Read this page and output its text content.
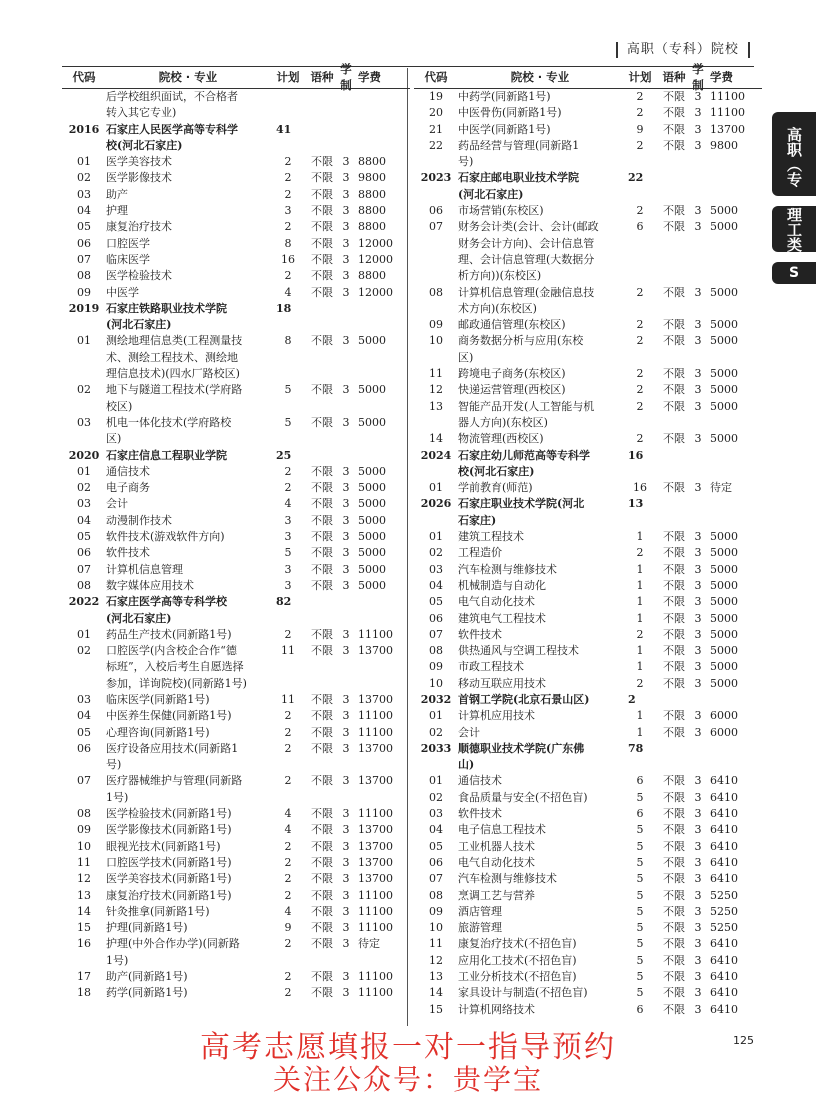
高职（专科）院校
代码	院校 · 专业	计划 语种
学制
学费
后学校组织面试，不合格者
转入其它专业)
2016 石家庄人民医学高等专科学	41
校(河北石家庄)
01	医学美容技术	2	不限 3 8800
02	医学影像技术	2	不限 3 9800
03	助产	2	不限 3 8800
04	护理	3	不限 3 8800
05	康复治疗技术	2	不限 3 8800
06	口腔医学	8	不限 3 12000
07	临床医学	16	不限 3 12000
08	医学检验技术	2	不限 3 8800
09	中医学	4	不限 3 12000
2019 石家庄铁路职业技术学院	18
(河北石家庄)
01	测绘地理信息类(工程测量技	8	不限 3 5000
术、测绘工程技术、测绘地
理信息技术)(四水厂路校区)
02	地下与隧道工程技术(学府路	5	不限 3 5000
校区)
03	机电一体化技术(学府路校	5	不限 3 5000
区)
2020 石家庄信息工程职业学院	25
01	通信技术	2	不限 3 5000
02	电子商务	2	不限 3 5000
03	会计	4	不限 3 5000
04	动漫制作技术	3	不限 3 5000
05	软件技术(游戏软件方向)	3	不限 3 5000
06	软件技术	5	不限 3 5000
07	计算机信息管理	3	不限 3 5000
08	数字媒体应用技术	3	不限 3 5000
2022 石家庄医学高等专科学校	82
(河北石家庄)
01	药品生产技术(同新路1号)	2	不限 3 11100
02	口腔医学(内含校企合作“德	11	不限 3 13700
标班”，入校后考生自愿选择
参加，详询院校)(同新路1号)
03	临床医学(同新路1号)	11	不限 3 13700
04	中医养生保健(同新路1号)	2	不限 3 11100
05	心理咨询(同新路1号)	2	不限 3 11100
06	医疗设备应用技术(同新路1	2	不限 3 13700
号)
07	医疗器械维护与管理(同新路	2	不限 3 13700
1号)
08	医学检验技术(同新路1号)	4	不限 3 11100
09	医学影像技术(同新路1号)	4	不限 3 13700
10	眼视光技术(同新路1号)	2	不限 3 13700
11	口腔医学技术(同新路1号)	2	不限 3 13700
12	医学美容技术(同新路1号)	2	不限 3 13700
13	康复治疗技术(同新路1号)	2	不限 3 11100
14	针灸推拿(同新路1号)	4	不限 3 11100
15	护理(同新路1号)	9	不限 3 11100
16	护理(中外合作办学)(同新路	2	不限 3 待定
1号)
17	助产(同新路1号)	2	不限 3 11100
18	药学(同新路1号)	2	不限 3 11100
代码	院校 · 专业	计划 语种
学制
学费
19	中药学(同新路1号)	2	不限 3 11100
20	中医骨伤(同新路1号)	2	不限 3 11100
21	中医学(同新路1号)	9	不限 3 13700
22	药品经营与管理(同新路1	2	不限 3 9800
号)
2023 石家庄邮电职业技术学院	22
(河北石家庄)
06	市场营销(东校区)	2	不限 3 5000
07	财务会计类(会计、会计(邮政	6	不限 3 5000
财务会计方向)、会计信息管
理、会计信息管理(大数据分
析方向))(东校区)
08	计算机信息管理(金融信息技	2	不限 3 5000
术方向)(东校区)
09	邮政通信管理(东校区)	2	不限 3 5000
10	商务数据分析与应用(东校	2	不限 3 5000
区)
11	跨境电子商务(东校区)	2	不限 3 5000
12	快递运营管理(西校区)	2	不限 3 5000
13	智能产品开发(人工智能与机	2	不限 3 5000
器人方向)(东校区)
14	物流管理(西校区)	2	不限 3 5000
2024 石家庄幼儿师范高等专科学	16
校(河北石家庄)
01	学前教育(师范)	16	不限 3 待定
2026 石家庄职业技术学院(河北	13
石家庄)
01	建筑工程技术	1	不限 3 5000
02	工程造价	2	不限 3 5000
03	汽车检测与维修技术	1	不限 3 5000
04	机械制造与自动化	1	不限 3 5000
05	电气自动化技术	1	不限 3 5000
06	建筑电气工程技术	1	不限 3 5000
07	软件技术	2	不限 3 5000
08	供热通风与空调工程技术	1	不限 3 5000
09	市政工程技术	1	不限 3 5000
10	移动互联应用技术	2	不限 3 5000
2032 首钢工学院(北京石景山区)	2
01	计算机应用技术	1	不限 3 6000
02	会计	1	不限 3 6000
2033 顺德职业技术学院(广东佛	78
山)
01	通信技术	6	不限 3 6410
02	食品质量与安全(不招色盲)	5	不限 3 6410
03	软件技术	6	不限 3 6410
04	电子信息工程技术	5	不限 3 6410
05	工业机器人技术	5	不限 3 6410
06	电气自动化技术	5	不限 3 6410
07	汽车检测与维修技术	5	不限 3 6410
08	烹调工艺与营养	5	不限 3 5250
09	酒店管理	5	不限 3 5250
10	旅游管理	5	不限 3 5250
11	康复治疗技术(不招色盲)	5	不限 3 6410
12	应用化工技术(不招色盲)	5	不限 3 6410
13	工业分析技术(不招色盲)	5	不限 3 6410
14	家具设计与制造(不招色盲)	5	不限 3 6410
15	计算机网络技术	6	不限 3 6410
高职（专科）
理工类
S
125
高考志愿填报一对一指导预约
关注公众号：贵学宝
